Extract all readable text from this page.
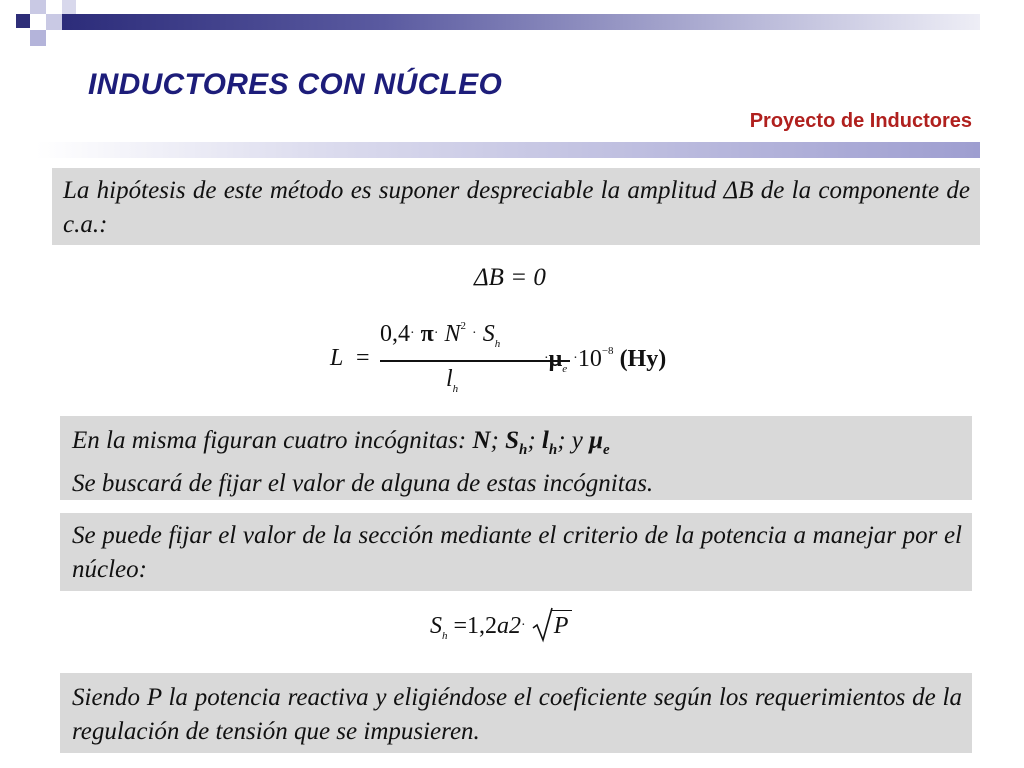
INDUCTORES CON NÚCLEO
Proyecto de Inductores

La hipótesis de este método es suponer despreciable la amplitud ΔB de la componente de c.a.:

ΔB = 0
L =
$0,4\cdot \pi\cdot N^2 \cdot S_h$
$l_h$
$\cdot\mu_e \cdot 10^{-8}$ (Hy)

En la misma figuran cuatro incógnitas: N; $S_h$; $l_h$; y $\mu_e$

Se buscará de fijar el valor de alguna de estas incógnitas.

Se puede fijar el valor de la sección mediante el criterio de la potencia a manejar por el núcleo:

$S_h =1,2a2\cdot P$

Siendo P la potencia reactiva y eligiéndose el coeficiente según los requerimientos de la regulación de tensión que se impusieren.
